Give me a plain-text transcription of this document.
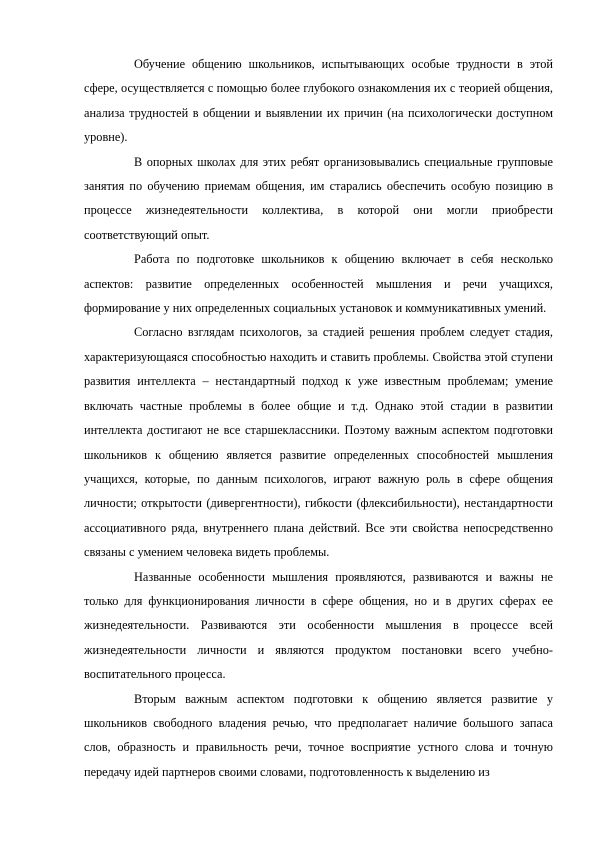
Обучение общению школьников, испытывающих особые трудности в этой сфере, осуществляется с помощью более глубокого ознакомления их с теорией общения, анализа трудностей в общении и выявлении их причин (на психологически доступном уровне).

В опорных школах для этих ребят организовывались специальные групповые занятия по обучению приемам общения, им старались обеспечить особую позицию в процессе жизнедеятельности коллектива, в которой они могли приобрести соответствующий опыт.

Работа по подготовке школьников к общению включает в себя несколько аспектов: развитие определенных особенностей мышления и речи учащихся, формирование у них определенных социальных установок и коммуникативных умений.

Согласно взглядам психологов, за стадией решения проблем следует стадия, характеризующаяся способностью находить и ставить проблемы. Свойства этой ступени развития интеллекта – нестандартный подход к уже известным проблемам; умение включать частные проблемы в более общие и т.д. Однако этой стадии в развитии интеллекта достигают не все старшеклассники. Поэтому важным аспектом подготовки школьников к общению является развитие определенных способностей мышления учащихся, которые, по данным психологов, играют важную роль в сфере общения личности; открытости (дивергентности), гибкости (флексибильности), нестандартности ассоциативного ряда, внутреннего плана действий. Все эти свойства непосредственно связаны с умением человека видеть проблемы.

Названные особенности мышления проявляются, развиваются и важны не только для функционирования личности в сфере общения, но и в других сферах ее жизнедеятельности. Развиваются эти особенности мышления в процессе всей жизнедеятельности личности и являются продуктом постановки всего учебно-воспитательного процесса.

Вторым важным аспектом подготовки к общению является развитие у школьников свободного владения речью, что предполагает наличие большого запаса слов, образность и правильность речи, точное восприятие устного слова и точную передачу идей партнеров своими словами, подготовленность к выделению из
